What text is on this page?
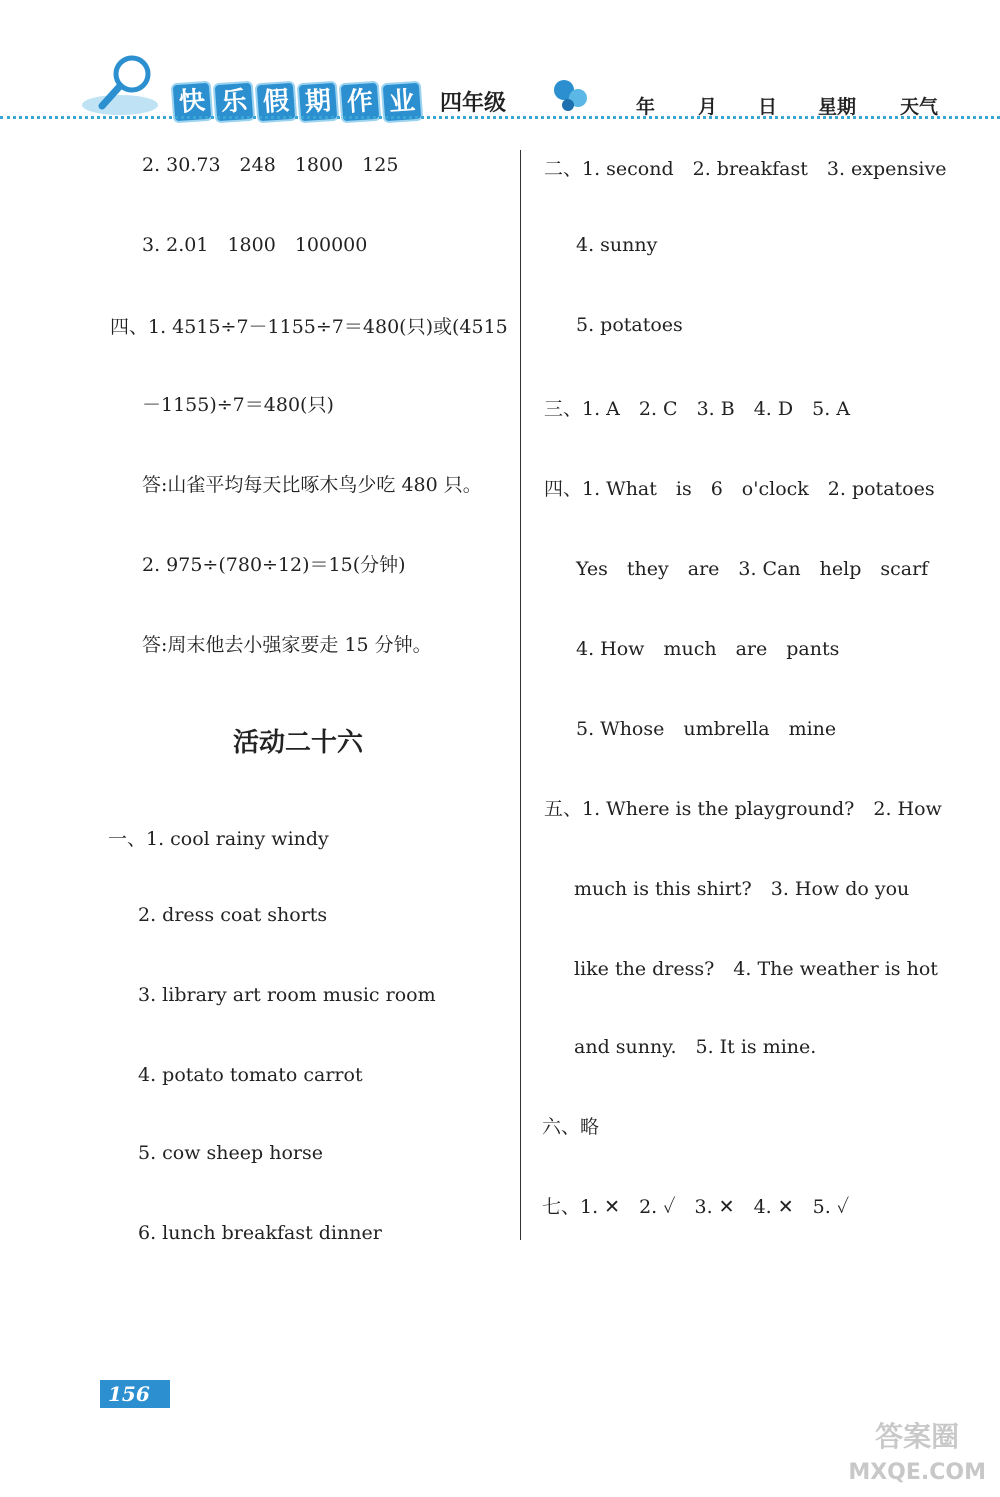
快 乐 假 期 作 业	四年级	年 月 日 星期 天气
2. 30.73　248　1800　125
3. 2.01　1800　100000
四、1. 4515÷7－1155÷7＝480(只)或(4515
－1155)÷7＝480(只)
答:山雀平均每天比啄木鸟少吃 480 只。
2. 975÷(780÷12)＝15(分钟)
答:周末他去小强家要走 15 分钟。
活动二十六
一、1. cool rainy windy
2. dress coat shorts
3. library art room music room
4. potato tomato carrot
5. cow sheep horse
6. lunch breakfast dinner
二、1. second　2. breakfast　3. expensive
4. sunny
5. potatoes
三、1. A　2. C　3. B　4. D　5. A
四、1. What　is　6　o'clock　2. potatoes
Yes　they　are　3. Can　help　scarf
4. How　much　are　pants
5. Whose　umbrella　mine
五、1. Where is the playground?　2. How
much is this shirt?　3. How do you
like the dress?　4. The weather is hot
and sunny.　5. It is mine.
六、略
七、1. ✕　2. ✓　3. ✕　4. ✕　5. ✓
156
答案圈
MXQE.COM
